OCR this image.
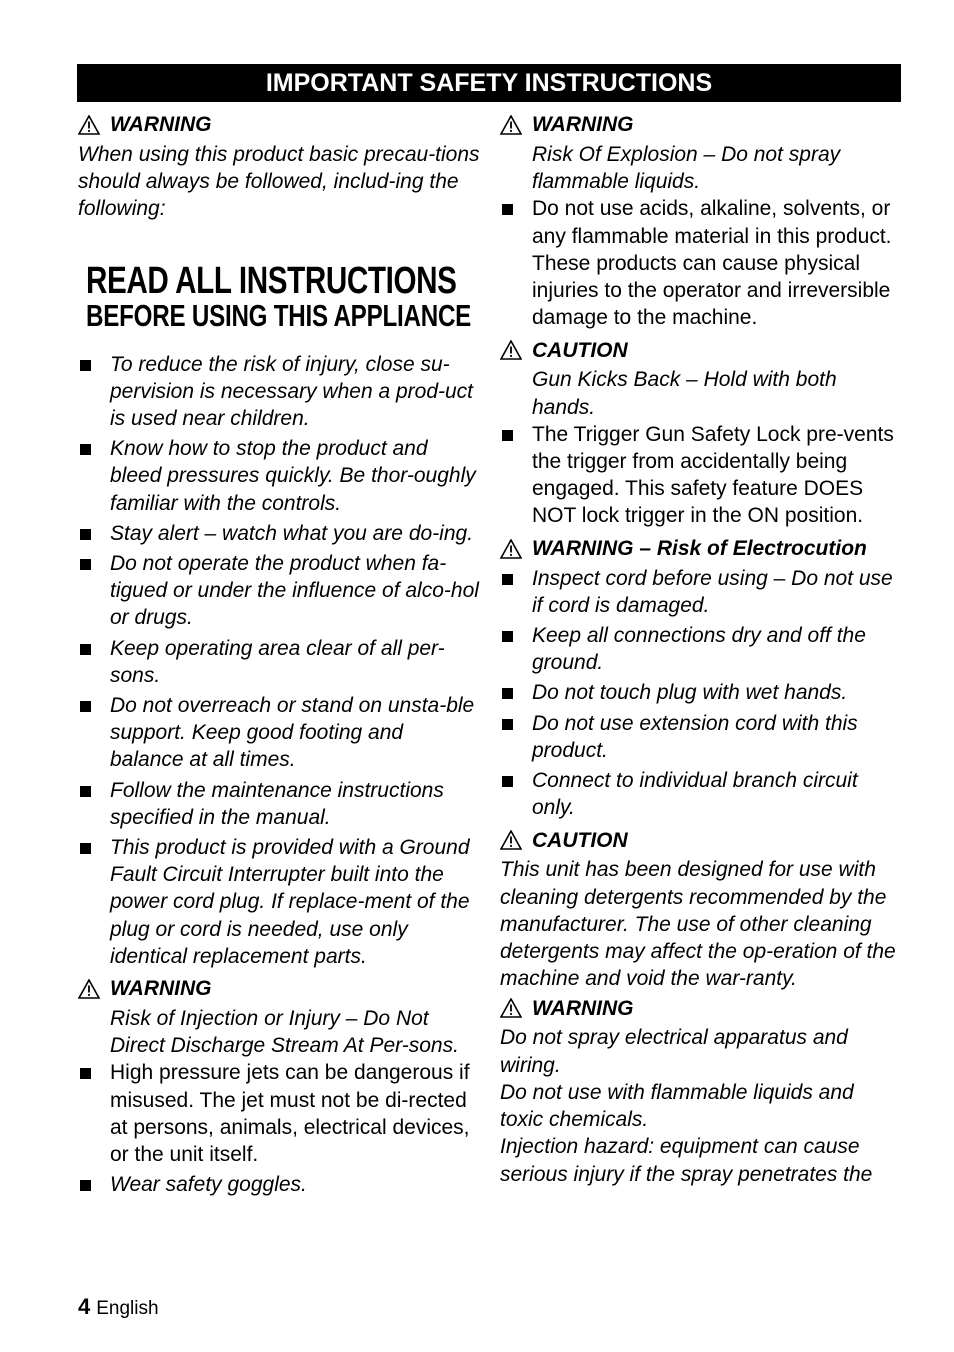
IMPORTANT SAFETY INSTRUCTIONS
WARNING

When using this product basic precau-tions should always be followed, includ-ing the following:

READ ALL INSTRUCTIONS
BEFORE USING THIS APPLIANCE
To reduce the risk of injury, close su-pervision is necessary when a prod-uct is used near children.
Know how to stop the product and bleed pressures quickly. Be thor-oughly familiar with the controls.
Stay alert – watch what you are do-ing.
Do not operate the product when fa-tigued or under the influence of alco-hol or drugs.
Keep operating area clear of all per-sons.
Do not overreach or stand on unsta-ble support. Keep good footing and balance at all times.
Follow the maintenance instructions specified in the manual.
This product is provided with a Ground Fault Circuit Interrupter built into the power cord plug. If replace-ment of the plug or cord is needed, use only identical replacement parts.
WARNING

Risk of Injection or Injury – Do Not Direct Discharge Stream At Per-sons.

High pressure jets can be dangerous if misused. The jet must not be di-rected at persons, animals, electrical devices, or the unit itself.
Wear safety goggles.
WARNING

Risk Of Explosion – Do not spray flammable liquids.

Do not use acids, alkaline, solvents, or any flammable material in this product. These products can cause physical injuries to the operator and irreversible damage to the machine.
CAUTION

Gun Kicks Back – Hold with both hands.

The Trigger Gun Safety Lock pre-vents the trigger from accidentally being engaged. This safety feature DOES NOT lock trigger in the ON position.
WARNING – Risk of Electrocution
Inspect cord before using – Do not use if cord is damaged.
Keep all connections dry and off the ground.
Do not touch plug with wet hands.
Do not use extension cord with this product.
Connect to individual branch circuit only.
CAUTION

This unit has been designed for use with cleaning detergents recommended by the manufacturer. The use of other cleaning detergents may affect the op-eration of the machine and void the war-ranty.

WARNING

Do not spray electrical apparatus and wiring.

Do not use with flammable liquids and toxic chemicals.

Injection hazard: equipment can cause serious injury if the spray penetrates the

4 English
